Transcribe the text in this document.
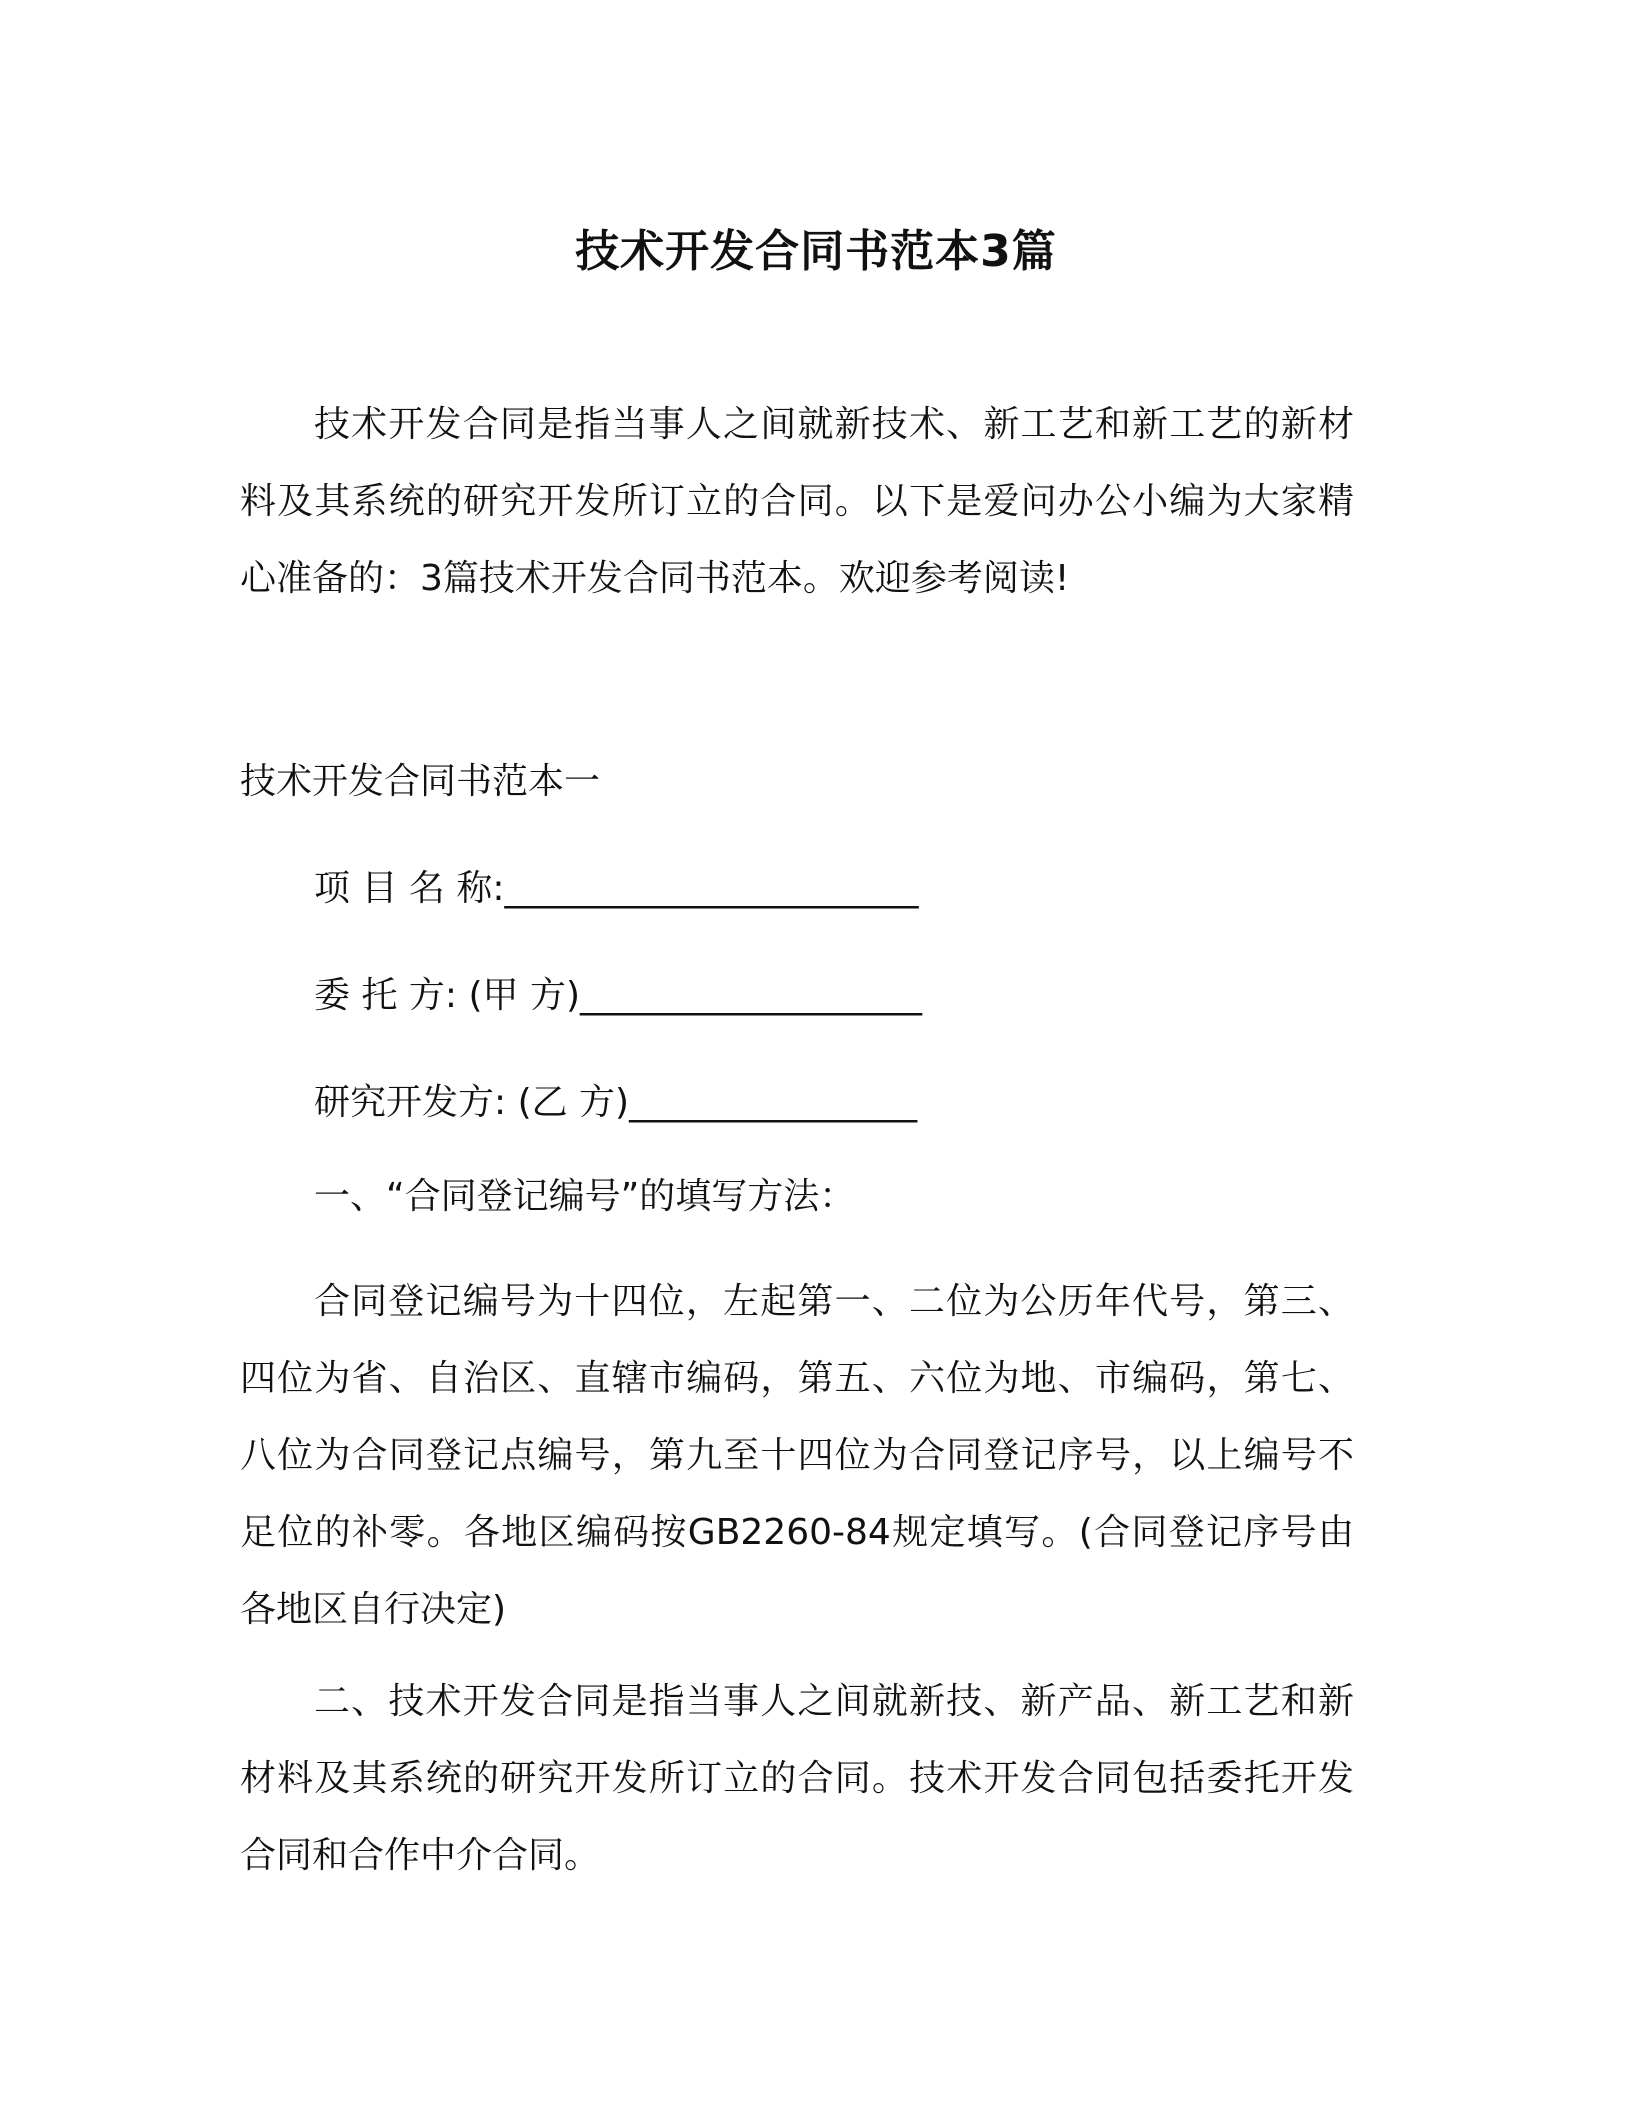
技术开发合同书范本3篇
技术开发合同是指当事人之间就新技术、新工艺和新工艺的新材料及其系统的研究开发所订立的合同。以下是爱问办公小编为大家精心准备的：3篇技术开发合同书范本。欢迎参考阅读!
技术开发合同书范本一
项 目 名 称:_______________________
委 托 方: (甲 方)___________________
研究开发方: (乙 方)________________
一、“合同登记编号”的填写方法：
合同登记编号为十四位，左起第一、二位为公历年代号，第三、四位为省、自治区、直辖市编码，第五、六位为地、市编码，第七、八位为合同登记点编号，第九至十四位为合同登记序号，以上编号不足位的补零。各地区编码按GB2260-84规定填写。(合同登记序号由各地区自行决定)
二、技术开发合同是指当事人之间就新技、新产品、新工艺和新材料及其系统的研究开发所订立的合同。技术开发合同包括委托开发合同和合作中介合同。
